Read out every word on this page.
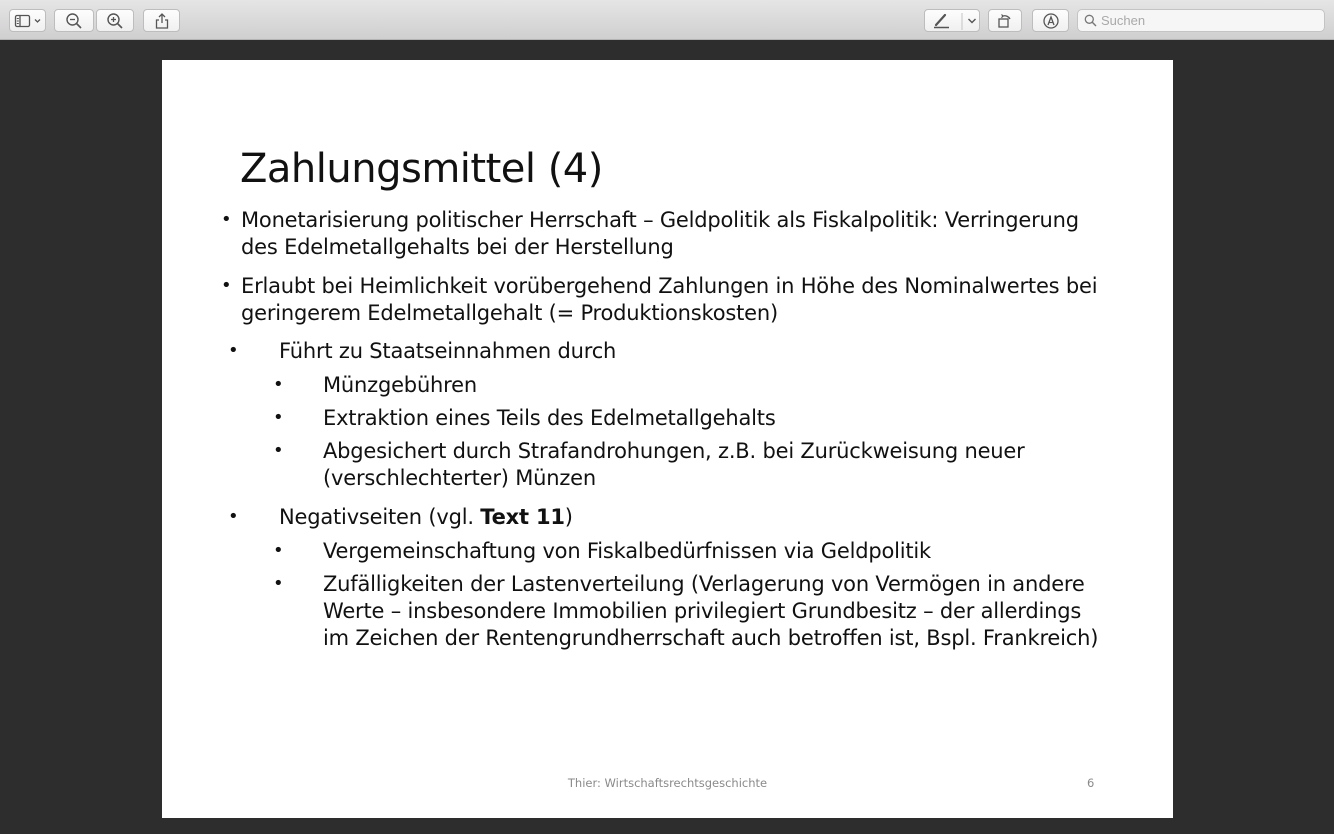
Suchen
Zahlungsmittel (4)
• Monetarisierung politischer Herrschaft – Geldpolitik als Fiskalpolitik: Verringerung
des Edelmetallgehalts bei der Herstellung
• Erlaubt bei Heimlichkeit vorübergehend Zahlungen in Höhe des Nominalwertes bei
geringerem Edelmetallgehalt (= Produktionskosten)
• Führt zu Staatseinnahmen durch
• Münzgebühren
• Extraktion eines Teils des Edelmetallgehalts
• Abgesichert durch Strafandrohungen, z.B. bei Zurückweisung neuer
(verschlechterter) Münzen
• Negativseiten (vgl. Text 11)
• Vergemeinschaftung von Fiskalbedürfnissen via Geldpolitik
• Zufälligkeiten der Lastenverteilung (Verlagerung von Vermögen in andere
Werte – insbesondere Immobilien privilegiert Grundbesitz – der allerdings
im Zeichen der Rentengrundherrschaft auch betroffen ist, Bspl. Frankreich)
Thier: Wirtschaftsrechtsgeschichte	6
